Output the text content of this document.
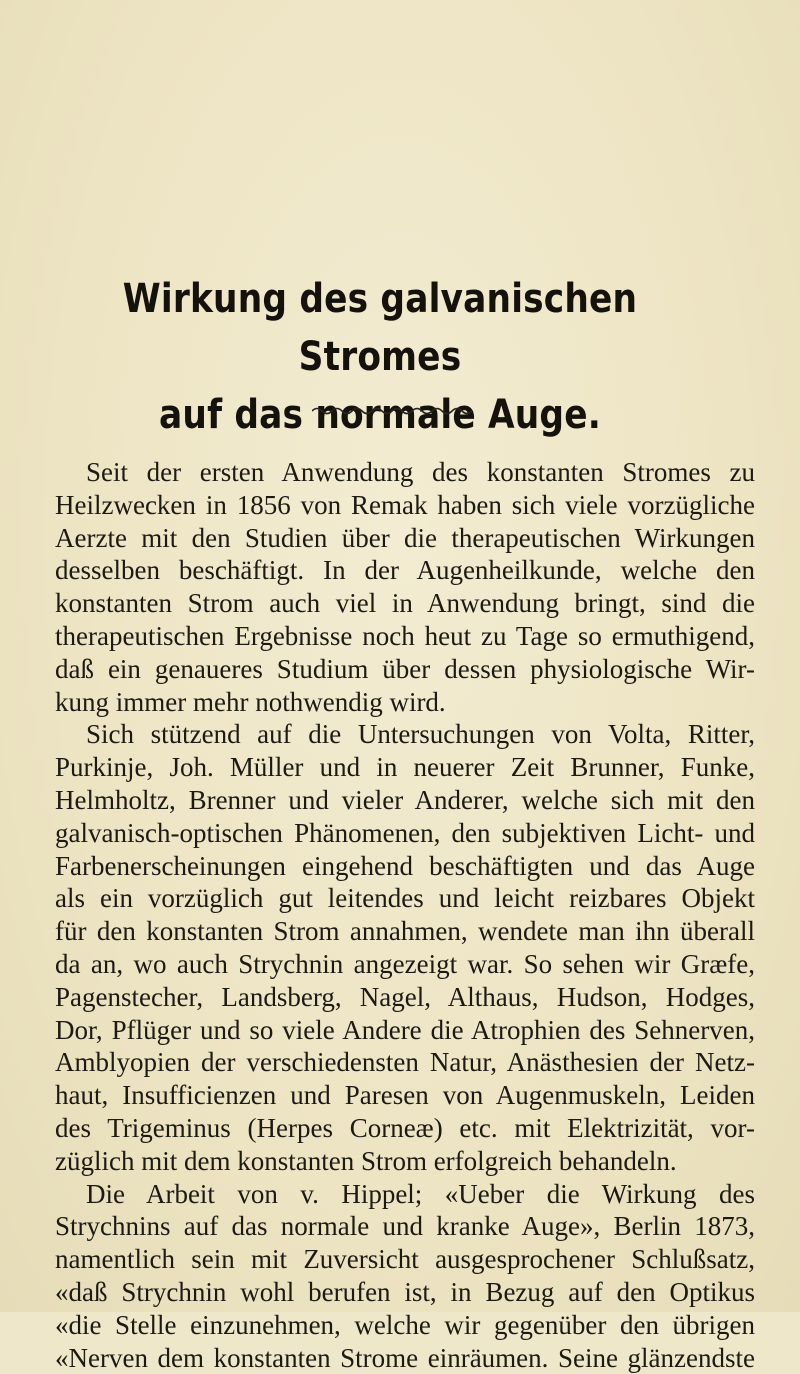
Wirkung des galvanischen Stromes
auf das normale Auge.
Seit der ersten Anwendung des konstanten Stromes zu
Heilzwecken in 1856 von Remak haben sich viele vorzügliche
Aerzte mit den Studien über die therapeutischen Wirkungen
desselben beschäftigt. In der Augenheilkunde, welche den
konstanten Strom auch viel in Anwendung bringt, sind die
therapeutischen Ergebnisse noch heut zu Tage so ermuthigend,
daß ein genaueres Studium über dessen physiologische Wir-
kung immer mehr nothwendig wird.
Sich stützend auf die Untersuchungen von Volta, Ritter,
Purkinje, Joh. Müller und in neuerer Zeit Brunner, Funke,
Helmholtz, Brenner und vieler Anderer, welche sich mit den
galvanisch-optischen Phänomenen, den subjektiven Licht- und
Farbenerscheinungen eingehend beschäftigten und das Auge
als ein vorzüglich gut leitendes und leicht reizbares Objekt
für den konstanten Strom annahmen, wendete man ihn überall
da an, wo auch Strychnin angezeigt war. So sehen wir Græfe,
Pagenstecher, Landsberg, Nagel, Althaus, Hudson, Hodges,
Dor, Pflüger und so viele Andere die Atrophien des Sehnerven,
Amblyopien der verschiedensten Natur, Anästhesien der Netz-
haut, Insufficienzen und Paresen von Augenmuskeln, Leiden
des Trigeminus (Herpes Corneæ) etc. mit Elektrizität, vor-
züglich mit dem konstanten Strom erfolgreich behandeln.
Die Arbeit von v. Hippel; «Ueber die Wirkung des
Strychnins auf das normale und kranke Auge», Berlin 1873,
namentlich sein mit Zuversicht ausgesprochener Schlußsatz,
«daß Strychnin wohl berufen ist, in Bezug auf den Optikus
«die Stelle einzunehmen, welche wir gegenüber den übrigen
«Nerven dem konstanten Strome einräumen. Seine glänzendste
